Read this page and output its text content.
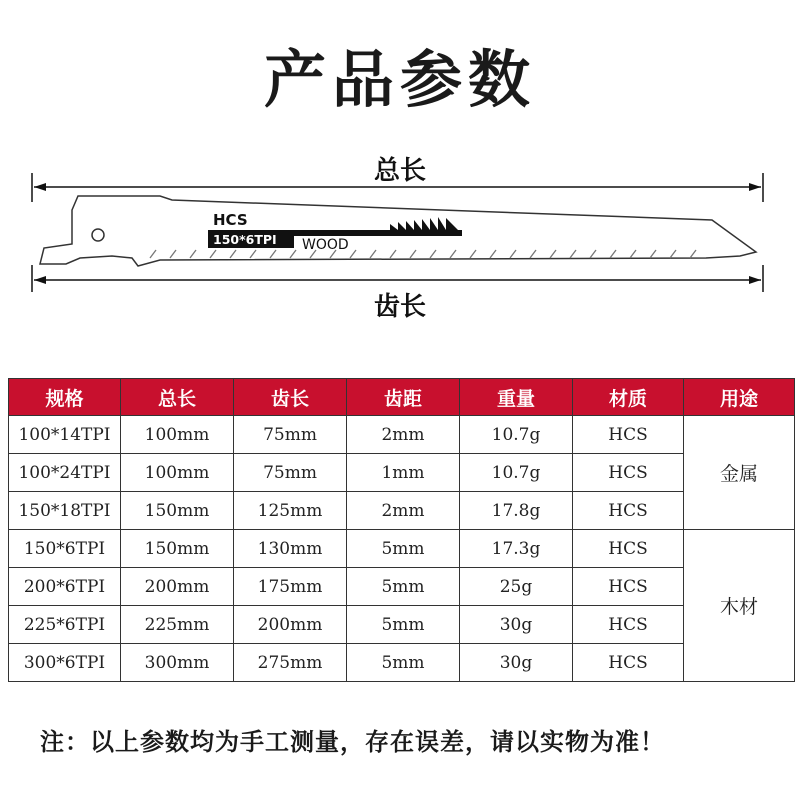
产品参数
总长
HCS
150*6TPI WOOD
齿长
规格	总长	齿长	齿距	重量	材质	用途
100*14TPI	100mm	75mm	2mm	10.7g	HCS	金属
100*24TPI	100mm	75mm	1mm	10.7g	HCS	
150*18TPI	150mm	125mm	2mm	17.8g	HCS	
150*6TPI	150mm	130mm	5mm	17.3g	HCS	木材
200*6TPI	200mm	175mm	5mm	25g	HCS	
225*6TPI	225mm	200mm	5mm	30g	HCS	
300*6TPI	300mm	275mm	5mm	30g	HCS	
注：以上参数均为手工测量，存在误差，请以实物为准！
